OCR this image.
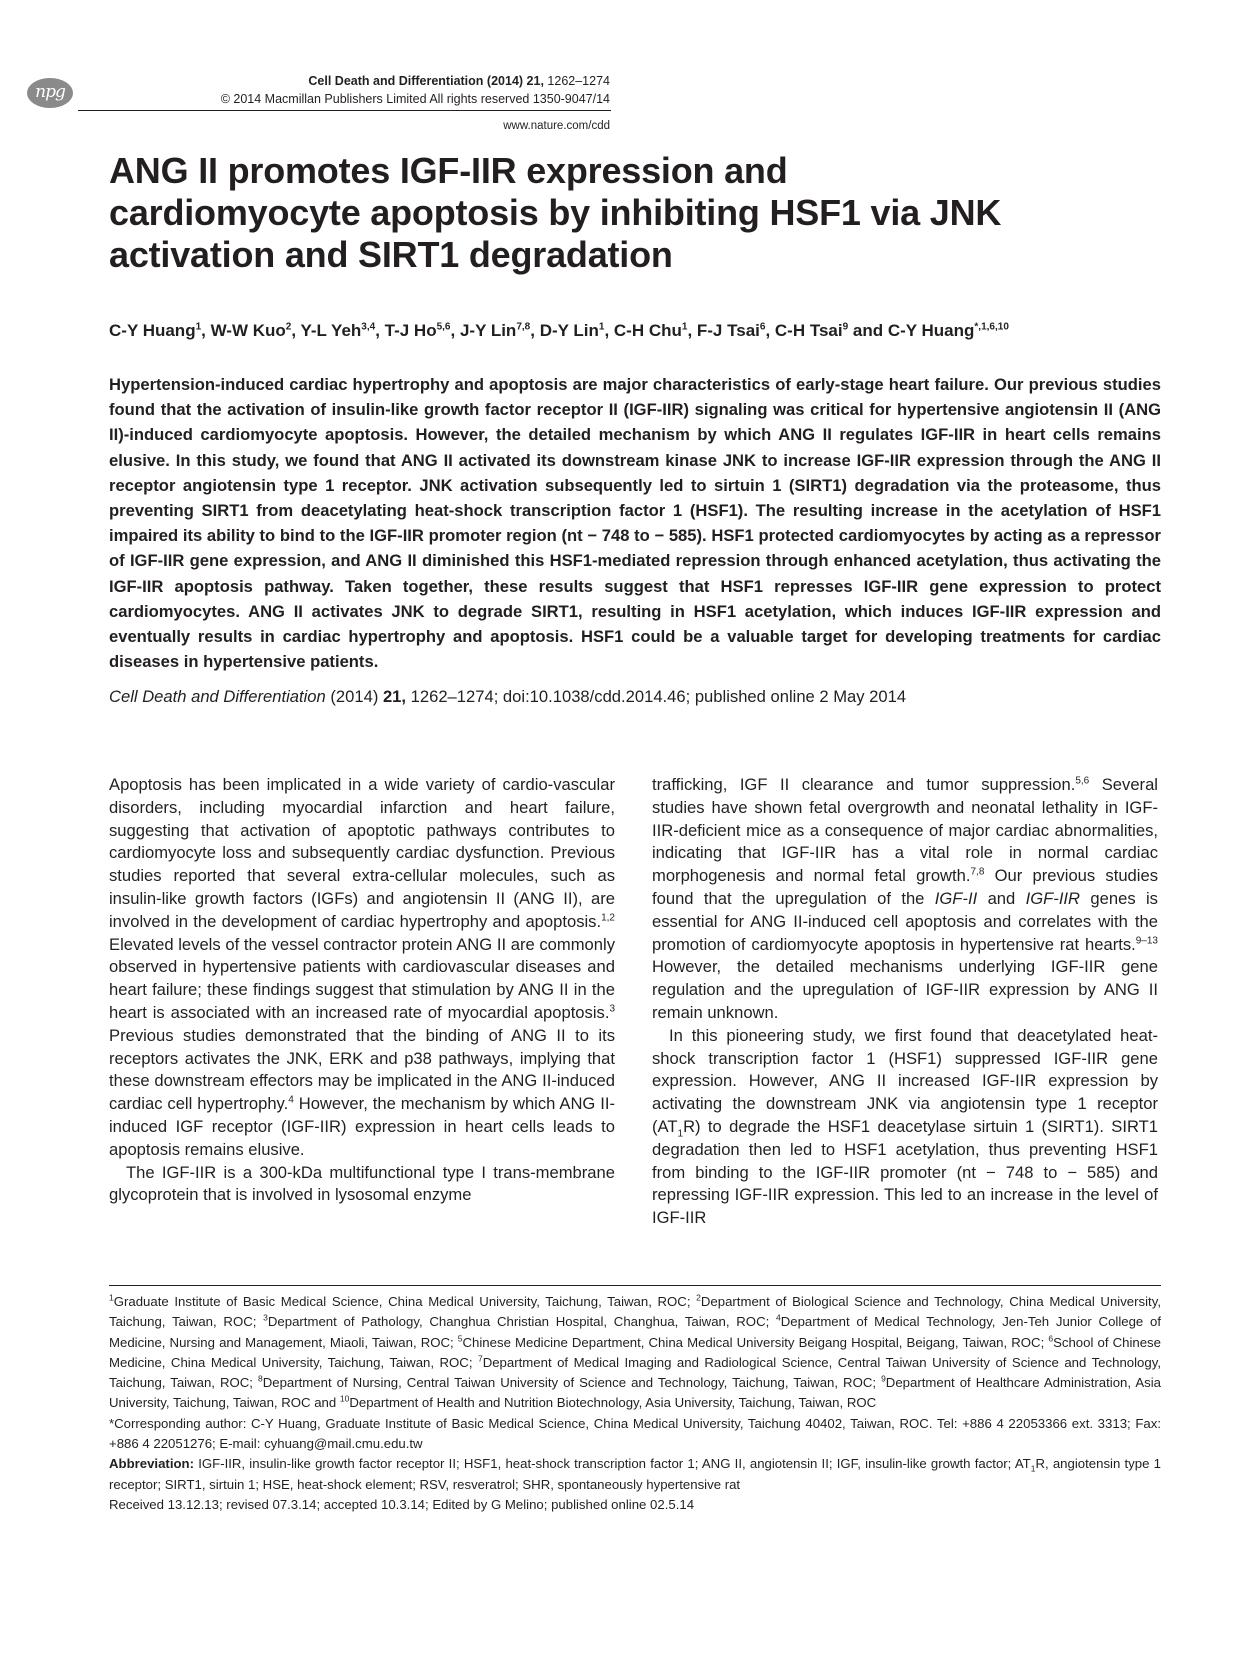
npg
Cell Death and Differentiation (2014) 21, 1262–1274
© 2014 Macmillan Publishers Limited All rights reserved 1350-9047/14
www.nature.com/cdd
ANG II promotes IGF-IIR expression and cardiomyocyte apoptosis by inhibiting HSF1 via JNK activation and SIRT1 degradation
C-Y Huang$^1$, W-W Kuo$^2$, Y-L Yeh$^{3,4}$, T-J Ho$^{5,6}$, J-Y Lin$^{7,8}$, D-Y Lin$^1$, C-H Chu$^1$, F-J Tsai$^6$, C-H Tsai$^9$ and C-Y Huang$^{*,1,6,10}$
Hypertension-induced cardiac hypertrophy and apoptosis are major characteristics of early-stage heart failure. Our previous studies found that the activation of insulin-like growth factor receptor II (IGF-IIR) signaling was critical for hypertensive angiotensin II (ANG II)-induced cardiomyocyte apoptosis. However, the detailed mechanism by which ANG II regulates IGF-IIR in heart cells remains elusive. In this study, we found that ANG II activated its downstream kinase JNK to increase IGF-IIR expression through the ANG II receptor angiotensin type 1 receptor. JNK activation subsequently led to sirtuin 1 (SIRT1) degradation via the proteasome, thus preventing SIRT1 from deacetylating heat-shock transcription factor 1 (HSF1). The resulting increase in the acetylation of HSF1 impaired its ability to bind to the IGF-IIR promoter region (nt − 748 to − 585). HSF1 protected cardiomyocytes by acting as a repressor of IGF-IIR gene expression, and ANG II diminished this HSF1-mediated repression through enhanced acetylation, thus activating the IGF-IIR apoptosis pathway. Taken together, these results suggest that HSF1 represses IGF-IIR gene expression to protect cardiomyocytes. ANG II activates JNK to degrade SIRT1, resulting in HSF1 acetylation, which induces IGF-IIR expression and eventually results in cardiac hypertrophy and apoptosis. HSF1 could be a valuable target for developing treatments for cardiac diseases in hypertensive patients.
Cell Death and Differentiation (2014) 21, 1262–1274; doi:10.1038/cdd.2014.46; published online 2 May 2014

Apoptosis has been implicated in a wide variety of cardio-vascular disorders, including myocardial infarction and heart failure, suggesting that activation of apoptotic pathways contributes to cardiomyocyte loss and subsequently cardiac dysfunction. Previous studies reported that several extra-cellular molecules, such as insulin-like growth factors (IGFs) and angiotensin II (ANG II), are involved in the development of cardiac hypertrophy and apoptosis.$^{1,2}$ Elevated levels of the vessel contractor protein ANG II are commonly observed in hypertensive patients with cardiovascular diseases and heart failure; these findings suggest that stimulation by ANG II in the heart is associated with an increased rate of myocardial apoptosis.$^3$ Previous studies demonstrated that the binding of ANG II to its receptors activates the JNK, ERK and p38 pathways, implying that these downstream effectors may be implicated in the ANG II-induced cardiac cell hypertrophy.$^4$ However, the mechanism by which ANG II-induced IGF receptor (IGF-IIR) expression in heart cells leads to apoptosis remains elusive.

The IGF-IIR is a 300-kDa multifunctional type I trans-membrane glycoprotein that is involved in lysosomal enzyme

trafficking, IGF II clearance and tumor suppression.$^{5,6}$ Several studies have shown fetal overgrowth and neonatal lethality in IGF-IIR-deficient mice as a consequence of major cardiac abnormalities, indicating that IGF-IIR has a vital role in normal cardiac morphogenesis and normal fetal growth.$^{7,8}$ Our previous studies found that the upregulation of the IGF-II and IGF-IIR genes is essential for ANG II-induced cell apoptosis and correlates with the promotion of cardiomyocyte apoptosis in hypertensive rat hearts.$^{9-13}$ However, the detailed mechanisms underlying IGF-IIR gene regulation and the upregulation of IGF-IIR expression by ANG II remain unknown.

In this pioneering study, we first found that deacetylated heat-shock transcription factor 1 (HSF1) suppressed IGF-IIR gene expression. However, ANG II increased IGF-IIR expression by activating the downstream JNK via angiotensin type 1 receptor $(AT_1R)$ to degrade the HSF1 deacetylase sirtuin 1 (SIRT1). SIRT1 degradation then led to HSF1 acetylation, thus preventing HSF1 from binding to the IGF-IIR promoter (nt − 748 to − 585) and repressing IGF-IIR expression. This led to an increase in the level of IGF-IIR

$^1$Graduate Institute of Basic Medical Science, China Medical University, Taichung, Taiwan, ROC; $^2$Department of Biological Science and Technology, China Medical University, Taichung, Taiwan, ROC; $^3$Department of Pathology, Changhua Christian Hospital, Changhua, Taiwan, ROC; $^4$Department of Medical Technology, Jen-Teh Junior College of Medicine, Nursing and Management, Miaoli, Taiwan, ROC; $^5$Chinese Medicine Department, China Medical University Beigang Hospital, Beigang, Taiwan, ROC; $^6$School of Chinese Medicine, China Medical University, Taichung, Taiwan, ROC; $^7$Department of Medical Imaging and Radiological Science, Central Taiwan University of Science and Technology, Taichung, Taiwan, ROC; $^8$Department of Nursing, Central Taiwan University of Science and Technology, Taichung, Taiwan, ROC; $^9$Department of Healthcare Administration, Asia University, Taichung, Taiwan, ROC and $^{10}$Department of Health and Nutrition Biotechnology, Asia University, Taichung, Taiwan, ROC

*Corresponding author: C-Y Huang, Graduate Institute of Basic Medical Science, China Medical University, Taichung 40402, Taiwan, ROC. Tel: +886 4 22053366 ext. 3313; Fax: +886 4 22051276; E-mail: cyhuang@mail.cmu.edu.tw

Abbreviation: IGF-IIR, insulin-like growth factor receptor II; HSF1, heat-shock transcription factor 1; ANG II, angiotensin II; IGF, insulin-like growth factor; $AT_1R$, angiotensin type 1 receptor; SIRT1, sirtuin 1; HSE, heat-shock element; RSV, resveratrol; SHR, spontaneously hypertensive rat

Received 13.12.13; revised 07.3.14; accepted 10.3.14; Edited by G Melino; published online 02.5.14
